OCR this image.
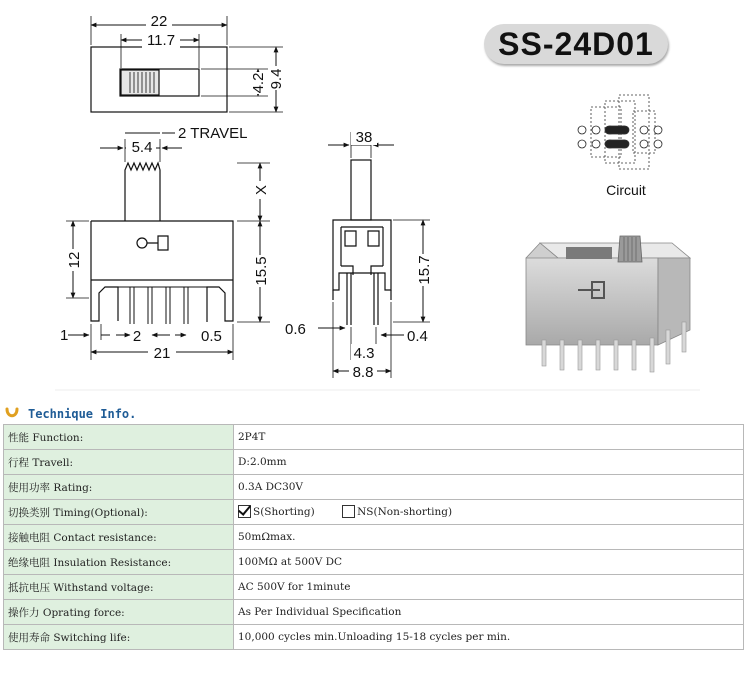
22
11.7
4.2 9.4
5.4
2 TRAVEL
X
15.5
12
1	2	0.5
21
38
15.7
0.6	0.4
4.3
8.8
Circuit
SS-24D01
Technique Info.
性能 Function:	2P4T
行程 Travell:	D:2.0mm
使用功率 Rating:	0.3A DC30V
切换类别 Timing(Optional):	S(Shorting) NS(Non-shorting)
接触电阻 Contact resistance:	50mΩmax.
绝缘电阻 Insulation Resistance:	100MΩ at 500V DC
抵抗电压 Withstand voltage:	AC 500V for 1minute
操作力 Oprating force:	As Per Individual Specification
使用寿命 Switching life:	10,000 cycles min.Unloading 15-18 cycles per min.
